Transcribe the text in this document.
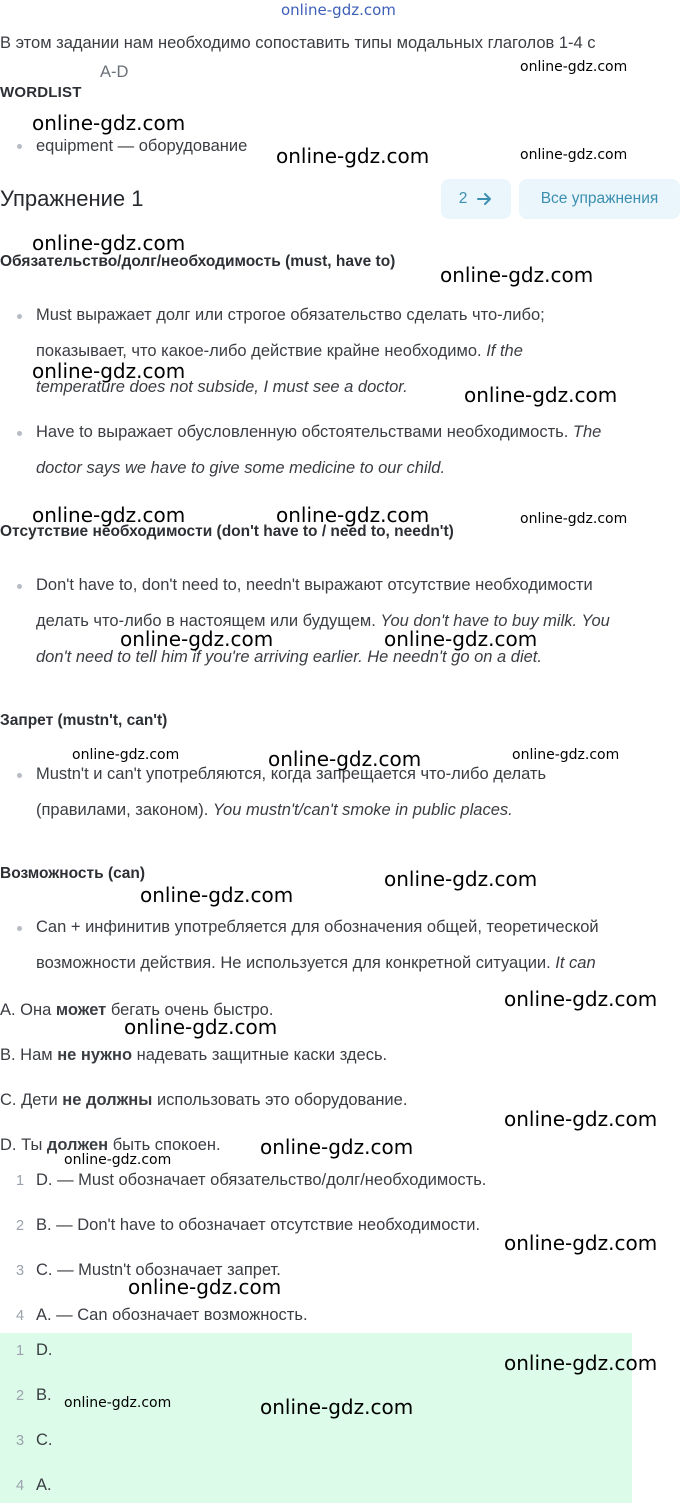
online-gdz.com
В этом задании нам необходимо сопоставить типы модальных глаголов 1-4 с
А-D
WORDLIST
equipment — оборудование
Упражнение 1	2	Все упражнения
Обязательство/долг/необходимость (must, have to)
Must выражает долг или строгое обязательство сделать что-либо;
показывает, что какое-либо действие крайне необходимо. If the
temperature does not subside, I must see a doctor.
Have to выражает обусловленную обстоятельствами необходимость. The
doctor says we have to give some medicine to our child.
Отсутствие необходимости (don't have to / need to, needn't)
Don't have to, don't need to, needn't выражают отсутствие необходимости
делать что-либо в настоящем или будущем. You don't have to buy milk. You
don't need to tell him if you're arriving earlier. He needn't go on a diet.
Запрет (mustn't, can't)
Mustn't и can't употребляются, когда запрещается что-либо делать
(правилами, законом). You mustn't/can't smoke in public places.
Возможность (can)
Can + инфинитив употребляется для обозначения общей, теоретической
возможности действия. Не используется для конкретной ситуации. It can
A. Она может бегать очень быстро.
B. Нам не нужно надевать защитные каски здесь.
C. Дети не должны использовать это оборудование.
D. Ты должен быть спокоен.
1 D. — Must обозначает обязательство/долг/необходимость.
2 B. — Don't have to обозначает отсутствие необходимости.
3 C. — Mustn't обозначает запрет.
4 A. — Can обозначает возможность.
1 D.
2 B.
3 C.
4 A.
online-gdz.com
online-gdz.com
online-gdz.com	online-gdz.com
online-gdz.com
online-gdz.com
online-gdz.com
online-gdz.com
online-gdz.com	online-gdz.com	online-gdz.com
online-gdz.com	online-gdz.com
online-gdz.com	online-gdz.com	online-gdz.com
online-gdz.com
online-gdz.com
online-gdz.com
online-gdz.com
online-gdz.com
online-gdz.com
online-gdz.com
online-gdz.com
online-gdz.com
online-gdz.com
online-gdz.com	online-gdz.com
